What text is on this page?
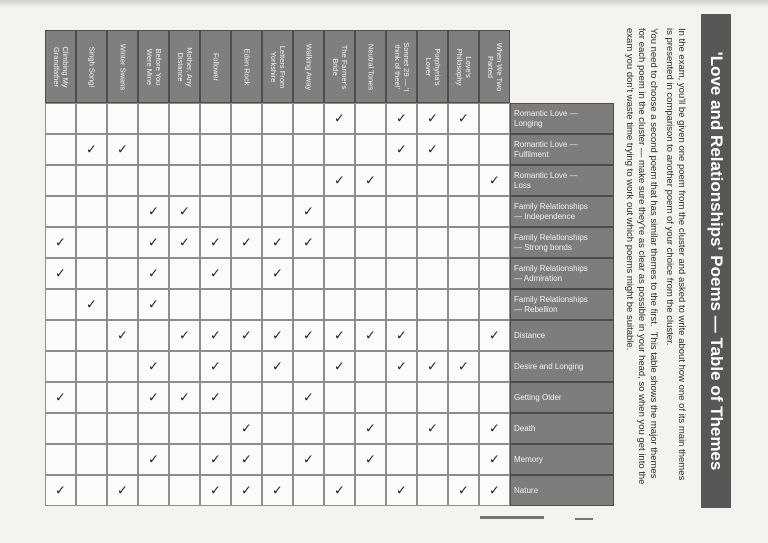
'Love and Relationships' Poems — Table of Themes
In the exam, you'll be given one poem from the cluster and asked to write about how one of its main themes
is presented in comparison to another poem of your choice from the cluster.
You need to choose a second poem that has similar themes to the first.  This table shows the major themes
for each poem in the cluster — make sure they're as clear as possible in your head, so when you get into the
exam you don't waste time trying to work out which poems might be suitable.
When We Two
Parted
Love's
Philosophy
Porphyria's
Lover
Sonnet 29 — 'I
think of thee!'
Neutral Tones
The Farmer's
Bride
Walking Away
Letters From
Yorkshire
Eden Rock
Follower
Mother, Any
Distance
Before You
Were Mine
Winter Swans
Singh Song!
Climbing My
Grandfather
Romantic Love —
Longing
✓
✓
✓
✓
Romantic Love —
Fulfilment
✓
✓
✓
✓
Romantic Love —
Loss
✓
✓
✓
Family Relationships
— Independence
✓
✓
✓
Family Relationships
— Strong bonds
✓
✓
✓
✓
✓
✓
✓
Family Relationships
— Admiration
✓
✓
✓
✓
Family Relationships
— Rebellion
✓
✓
Distance
✓
✓
✓
✓
✓
✓
✓
✓
✓
✓
Desire and Longing
✓
✓
✓
✓
✓
✓
✓
Getting Older
✓
✓
✓
✓
✓
Death
✓
✓
✓
✓
Memory
✓
✓
✓
✓
✓
✓
Nature
✓
✓
✓
✓
✓
✓
✓
✓
✓
